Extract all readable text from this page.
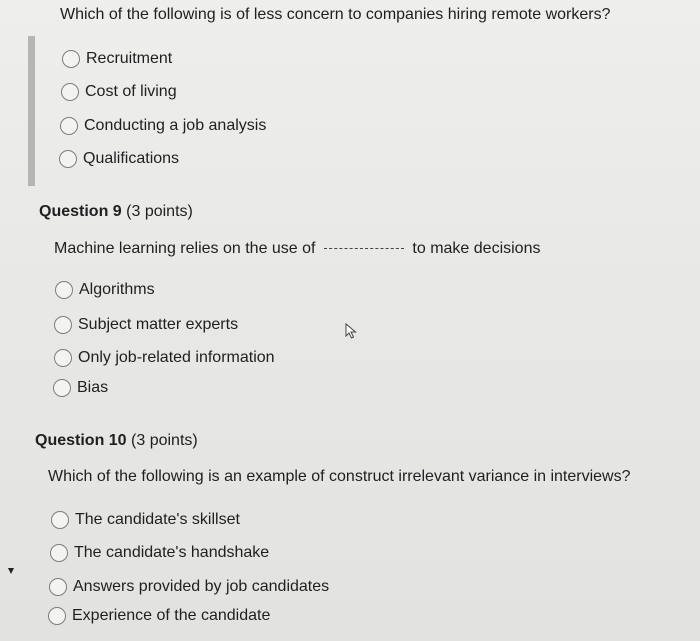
Which of the following is of less concern to companies hiring remote workers?
Recruitment
Cost of living
Conducting a job analysis
Qualifications
Question 9 (3 points)
Machine learning relies on the use of	to make decisions
Algorithms
Subject matter experts
Only job-related information
Bias
Question 10 (3 points)
Which of the following is an example of construct irrelevant variance in interviews?
The candidate's skillset
The candidate's handshake
Answers provided by job candidates
Experience of the candidate
